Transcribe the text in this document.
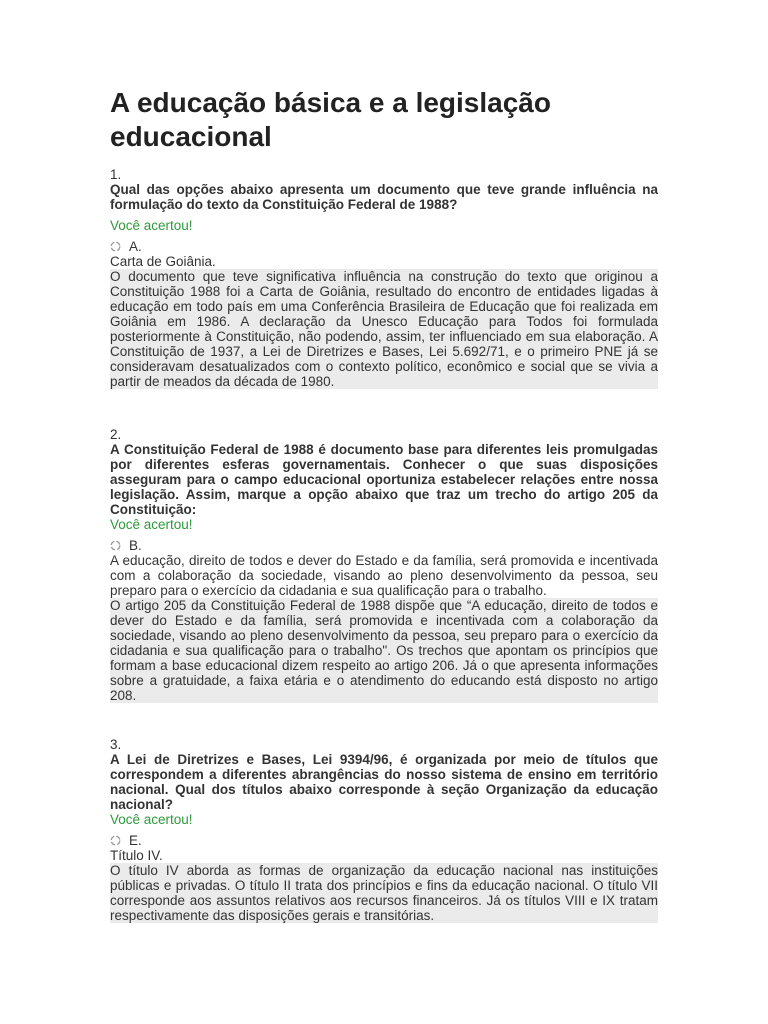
A educação básica e a legislação educacional
1.
Qual das opções abaixo apresenta um documento que teve grande influência na formulação do texto da Constituição Federal de 1988?
Você acertou!
A.
Carta de Goiânia.
O documento que teve significativa influência na construção do texto que originou a Constituição 1988 foi a Carta de Goiânia, resultado do encontro de entidades ligadas à educação em todo país em uma Conferência Brasileira de Educação que foi realizada em Goiânia em 1986. A declaração da Unesco Educação para Todos foi formulada posteriormente à Constituição, não podendo, assim, ter influenciado em sua elaboração. A Constituição de 1937, a Lei de Diretrizes e Bases, Lei 5.692/71, e o primeiro PNE já se consideravam desatualizados com o contexto político, econômico e social que se vivia a partir de meados da década de 1980.
2.
A Constituição Federal de 1988 é documento base para diferentes leis promulgadas por diferentes esferas governamentais. Conhecer o que suas disposições asseguram para o campo educacional oportuniza estabelecer relações entre nossa legislação. Assim, marque a opção abaixo que traz um trecho do artigo 205 da Constituição:
Você acertou!
B.
A educação, direito de todos e dever do Estado e da família, será promovida e incentivada com a colaboração da sociedade, visando ao pleno desenvolvimento da pessoa, seu preparo para o exercício da cidadania e sua qualificação para o trabalho.
O artigo 205 da Constituição Federal de 1988 dispõe que “A educação, direito de todos e dever do Estado e da família, será promovida e incentivada com a colaboração da sociedade, visando ao pleno desenvolvimento da pessoa, seu preparo para o exercício da cidadania e sua qualificação para o trabalho". Os trechos que apontam os princípios que formam a base educacional dizem respeito ao artigo 206. Já o que apresenta informações sobre a gratuidade, a faixa etária e o atendimento do educando está disposto no artigo 208.
3.
A Lei de Diretrizes e Bases, Lei 9394/96, é organizada por meio de títulos que correspondem a diferentes abrangências do nosso sistema de ensino em território nacional. Qual dos títulos abaixo corresponde à seção Organização da educação nacional?
Você acertou!
E.
Título IV.
O título IV aborda as formas de organização da educação nacional nas instituições públicas e privadas. O título II trata dos princípios e fins da educação nacional. O título VII corresponde aos assuntos relativos aos recursos financeiros. Já os títulos VIII e IX tratam respectivamente das disposições gerais e transitórias.
